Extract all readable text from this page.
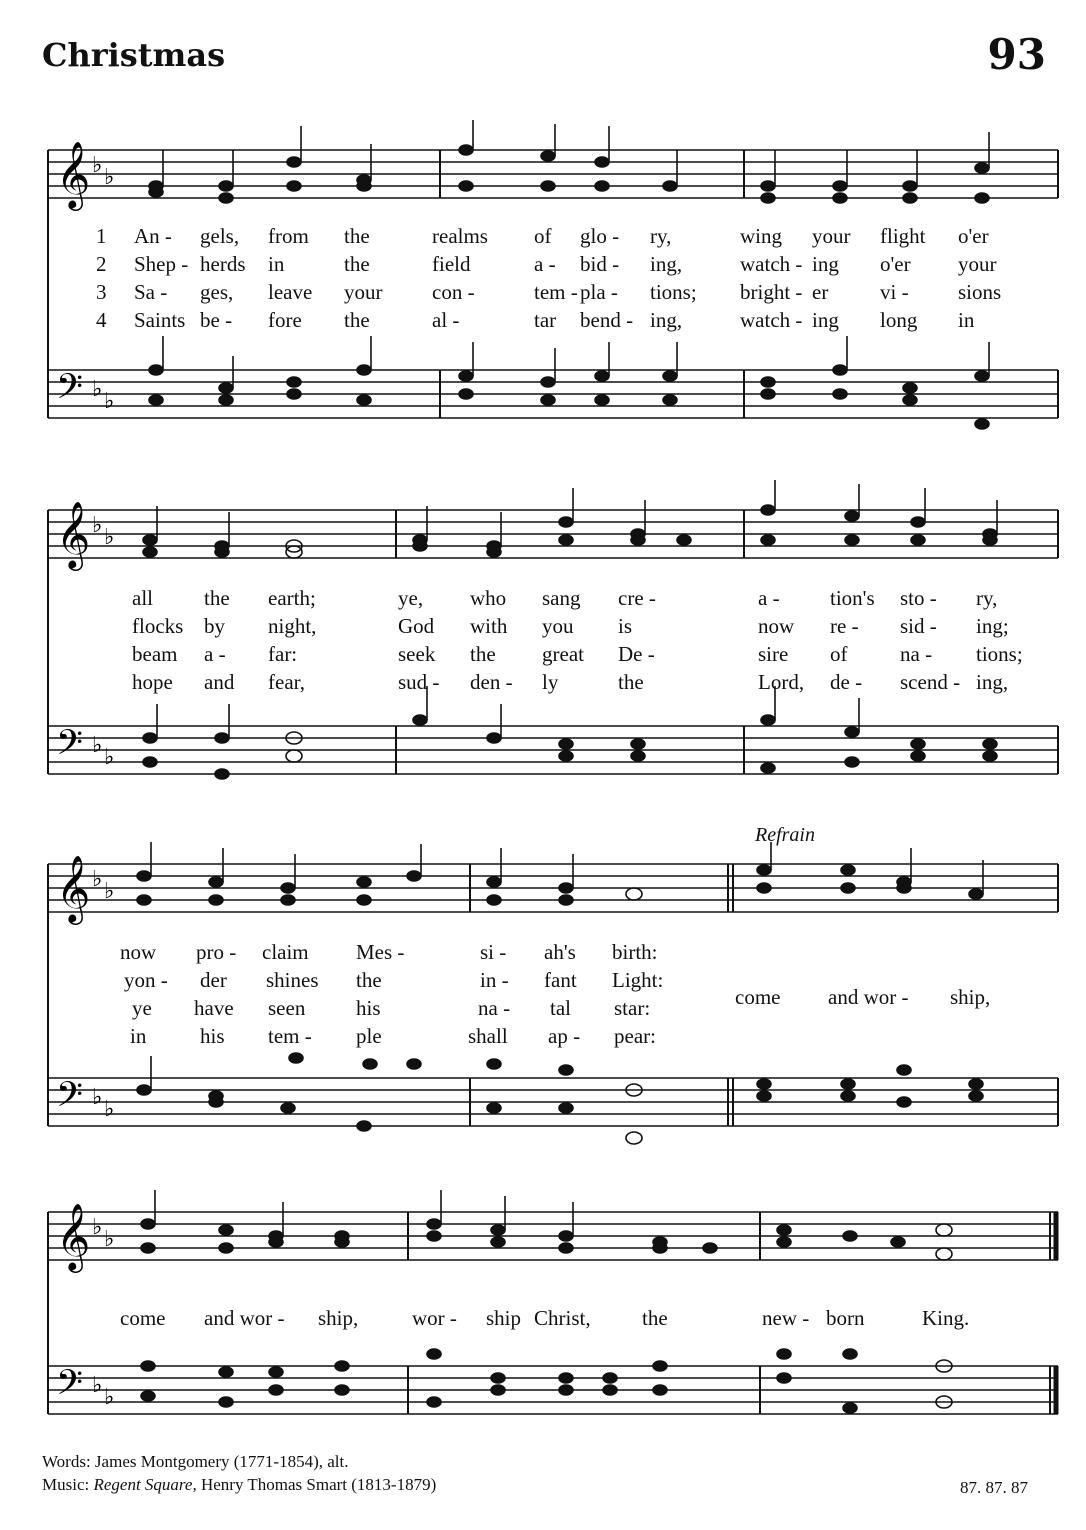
Christmas	93
𝄞
𝄢
♭ ♭
♭ ♭
1
2
3
4
An - gels, from the	realms of glo - ry,	wing your flight o'er
Shep - herds in	the	field	a - bid - ing,	watch - ing o'er your
Sa - ges, leave your con -	tem - pla - tions; bright - er vi - sions
Saints be - fore the	al -	tar bend - ing,	watch - ing long in
𝄞
𝄢
♭ ♭
♭ ♭
all the earth;	ye, who sang cre -	a - tion's sto - ry,
flocks by night,	God with you is	now re - sid - ing;
beam a - far:	seek the great De -	sire of	na - tions;
hope and fear,	sud - den - ly	the	Lord, de - scend - ing,
Refrain
𝄞
𝄢
♭ ♭
♭ ♭
now pro - claim Mes -	si - ah's birth:
yon - der shines the	in - fant Light:
ye have seen his	na - tal star:
in	his tem - ple	shall ap - pear:
come and wor - ship,
𝄞
𝄢
♭ ♭
♭ ♭
come and wor - ship,	wor - ship Christ, the	new - born	King.
Words: James Montgomery (1771-1854), alt.
Music: Regent Square, Henry Thomas Smart (1813-1879)	87. 87. 87
